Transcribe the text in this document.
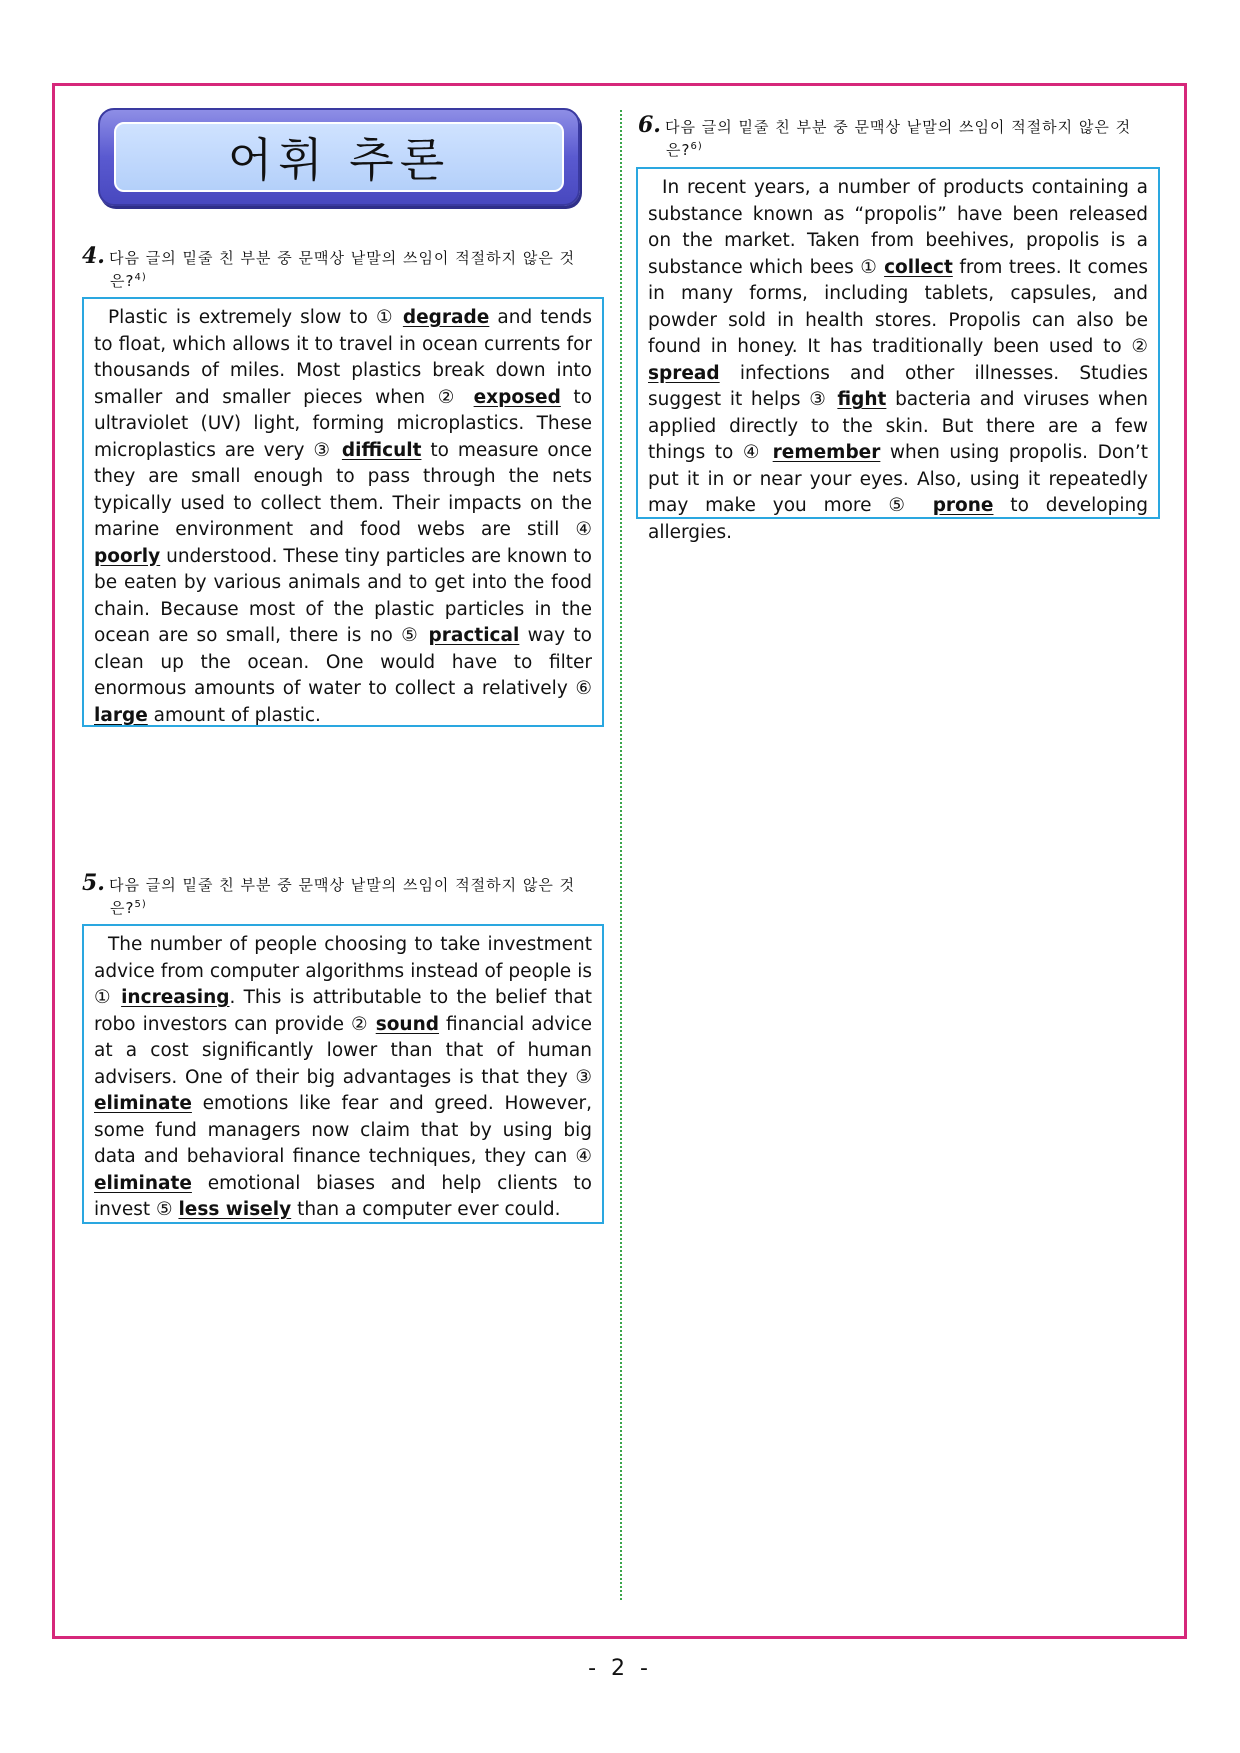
어휘 추론
4. 다음 글의 밑줄 친 부분 중 문맥상 낱말의 쓰임이 적절하지 않은 것
은?$^{4)}$

Plastic is extremely slow to ① degrade and tends to float, which allows it to travel in ocean currents for thousands of miles. Most plastics break down into smaller and smaller pieces when ② exposed to ultraviolet (UV) light, forming microplastics. These microplastics are very ③ difficult to measure once they are small enough to pass through the nets typically used to collect them. Their impacts on the marine environment and food webs are still ④ poorly understood. These tiny particles are known to be eaten by various animals and to get into the food chain. Because most of the plastic particles in the ocean are so small, there is no ⑤ practical way to clean up the ocean. One would have to filter enormous amounts of water to collect a relatively ⑥ large amount of plastic.

5. 다음 글의 밑줄 친 부분 중 문맥상 낱말의 쓰임이 적절하지 않은 것
은?$^{5)}$

The number of people choosing to take investment advice from computer algorithms instead of people is ① increasing. This is attributable to the belief that robo investors can provide ② sound financial advice at a cost significantly lower than that of human advisers. One of their big advantages is that they ③ eliminate emotions like fear and greed. However, some fund managers now claim that by using big data and behavioral finance techniques, they can ④ eliminate emotional biases and help clients to invest ⑤ less wisely than a computer ever could.

6. 다음 글의 밑줄 친 부분 중 문맥상 낱말의 쓰임이 적절하지 않은 것
은?$^{6)}$

In recent years, a number of products containing a substance known as “propolis” have been released on the market. Taken from beehives, propolis is a substance which bees ① collect from trees. It comes in many forms, including tablets, capsules, and powder sold in health stores. Propolis can also be found in honey. It has traditionally been used to ② spread infections and other illnesses. Studies suggest it helps ③ fight bacteria and viruses when applied directly to the skin. But there are a few things to ④ remember when using propolis. Don’t put it in or near your eyes. Also, using it repeatedly may make you more ⑤ prone to developing allergies.

- 2 -
